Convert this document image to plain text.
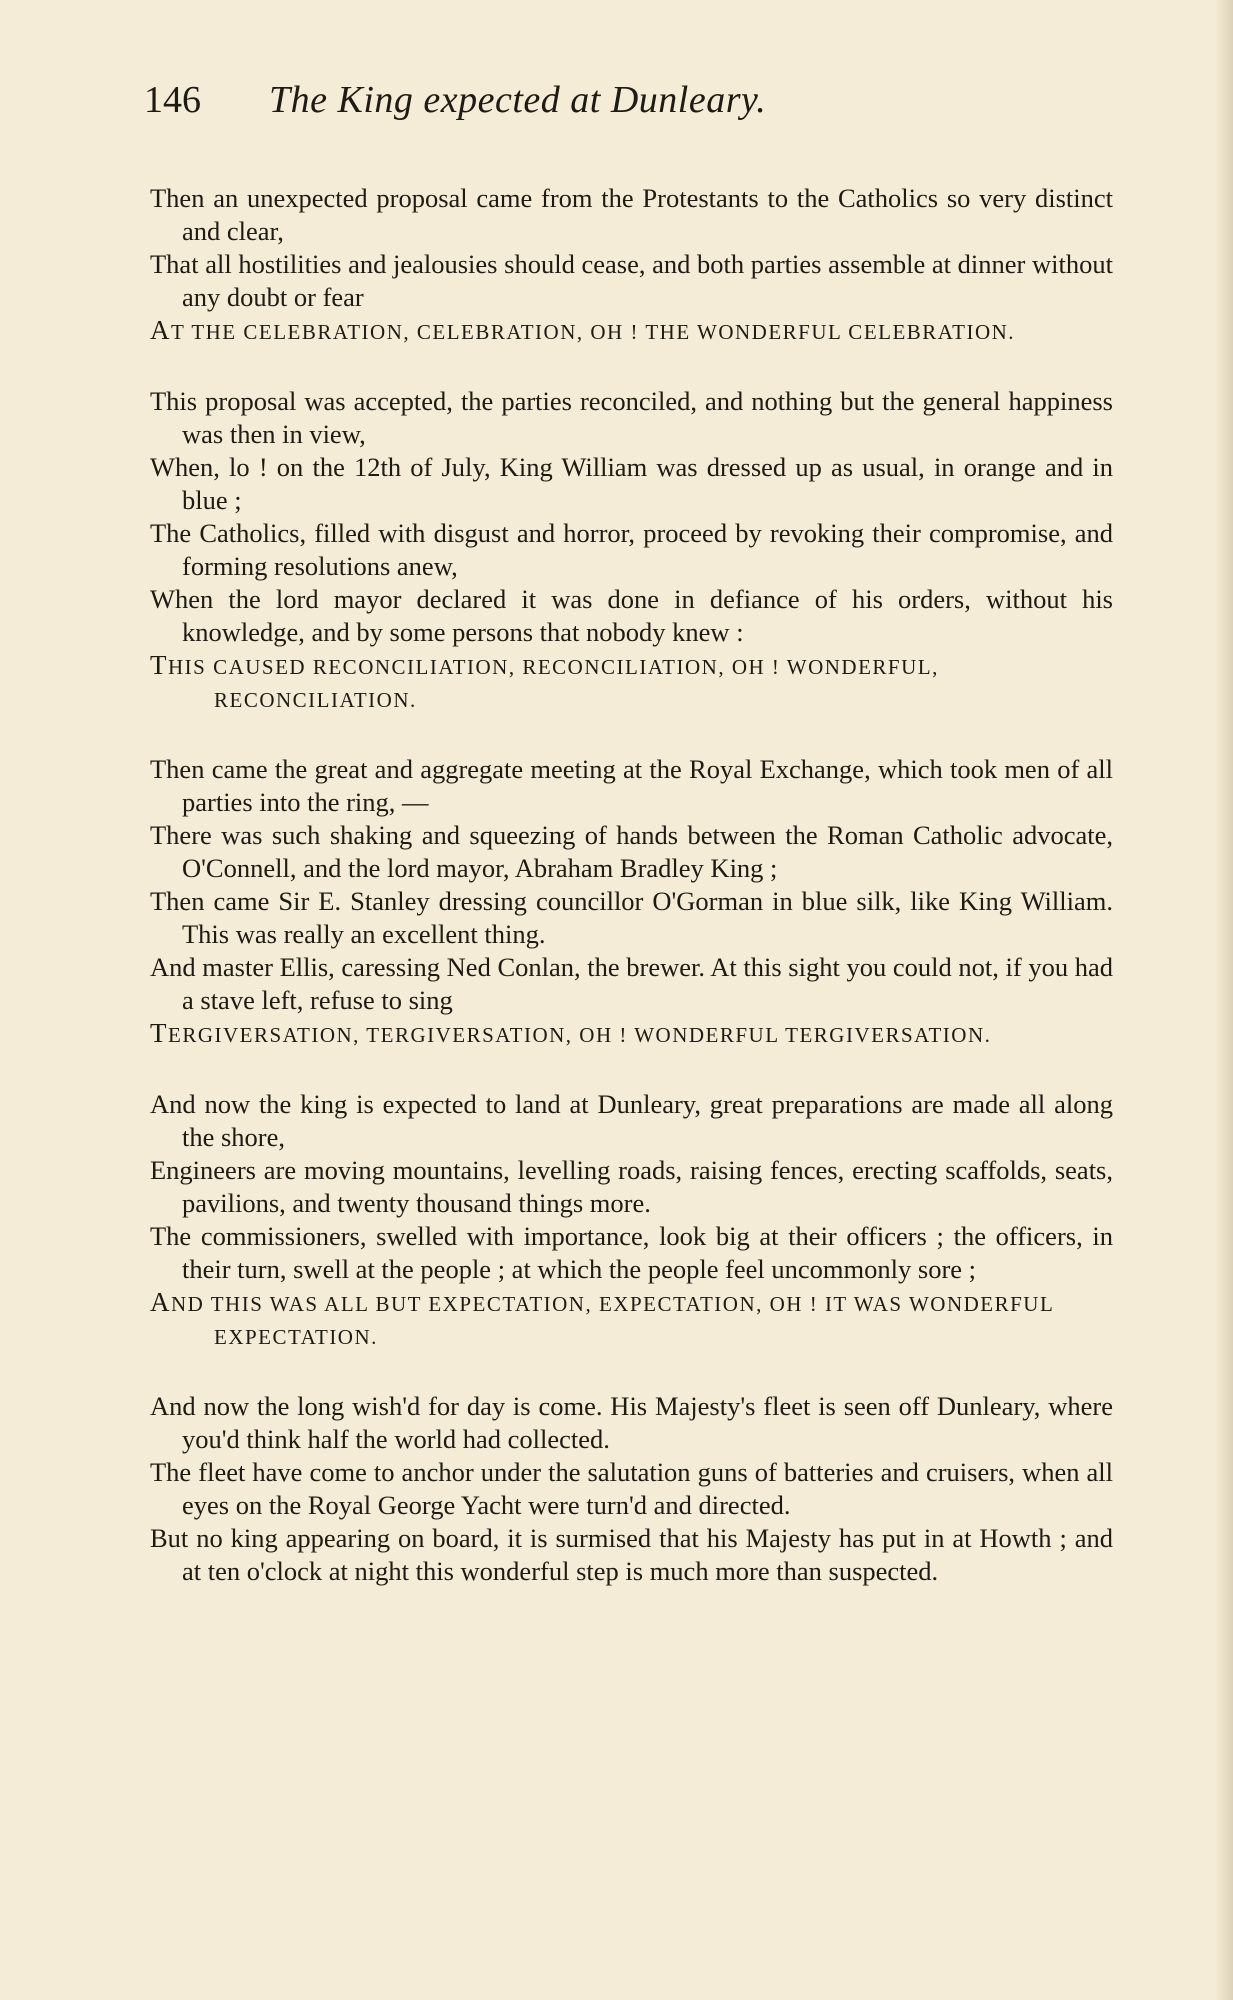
146	The King expected at Dunleary.
Then an unexpected proposal came from the Protestants to the Catholics so very distinct and clear,
That all hostilities and jealousies should cease, and both parties assemble at dinner without any doubt or fear
AT THE CELEBRATION, CELEBRATION, OH ! THE WONDERFUL CELEBRATION.
This proposal was accepted, the parties reconciled, and nothing but the general happiness was then in view,
When, lo ! on the 12th of July, King William was dressed up as usual, in orange and in blue ;
The Catholics, filled with disgust and horror, proceed by revoking their compromise, and forming resolutions anew,
When the lord mayor declared it was done in defiance of his orders, without his knowledge, and by some persons that nobody knew :
THIS CAUSED RECONCILIATION, RECONCILIATION, OH ! WONDERFUL, RECONCILIATION.
Then came the great and aggregate meeting at the Royal Exchange, which took men of all parties into the ring, —
There was such shaking and squeezing of hands between the Roman Catholic advocate, O'Connell, and the lord mayor, Abraham Bradley King ;
Then came Sir E. Stanley dressing councillor O'Gorman in blue silk, like King William. This was really an excellent thing.
And master Ellis, caressing Ned Conlan, the brewer. At this sight you could not, if you had a stave left, refuse to sing
TERGIVERSATION, TERGIVERSATION, OH ! WONDERFUL TERGIVERSATION.
And now the king is expected to land at Dunleary, great preparations are made all along the shore,
Engineers are moving mountains, levelling roads, raising fences, erecting scaffolds, seats, pavilions, and twenty thousand things more.
The commissioners, swelled with importance, look big at their officers ; the officers, in their turn, swell at the people ; at which the people feel uncommonly sore ;
AND THIS WAS ALL BUT EXPECTATION, EXPECTATION, OH ! IT WAS WONDERFUL EXPECTATION.
And now the long wish'd for day is come. His Majesty's fleet is seen off Dunleary, where you'd think half the world had collected.
The fleet have come to anchor under the salutation guns of batteries and cruisers, when all eyes on the Royal George Yacht were turn'd and directed.
But no king appearing on board, it is surmised that his Majesty has put in at Howth ; and at ten o'clock at night this wonderful step is much more than suspected.
